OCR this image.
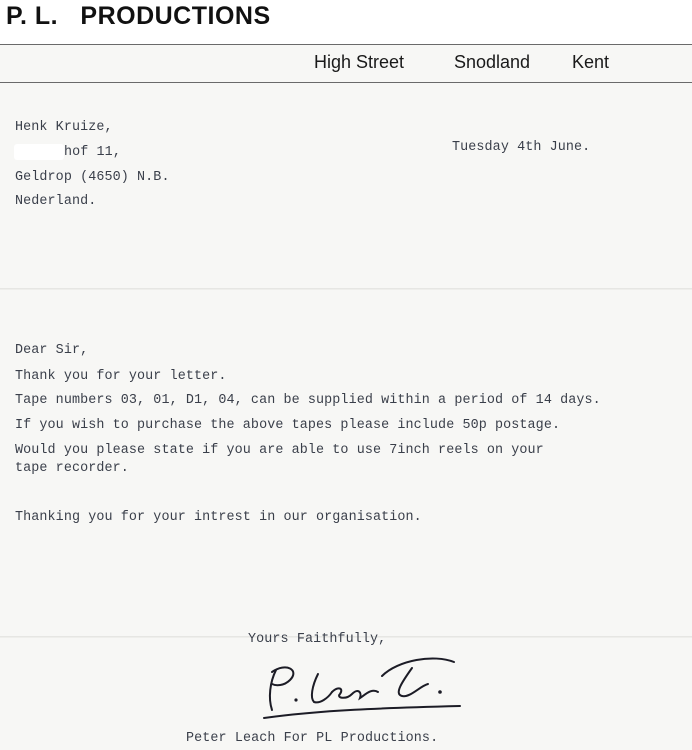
P. L.   PRODUCTIONS
High Street	Snodland Kent
Henk Kruize,
hof 11,
Geldrop (4650) N.B.
Nederland.
Tuesday 4th June.
Dear Sir,
Thank you for your letter.
Tape numbers 03, 01, D1, 04, can be supplied within a period of 14 days.
If you wish to purchase the above tapes please include 50p postage.
Would you please state if you are able to use 7inch reels on your
tape recorder.
Thanking you for your intrest in our organisation.
Yours Faithfully,
Peter Leach For PL Productions.
